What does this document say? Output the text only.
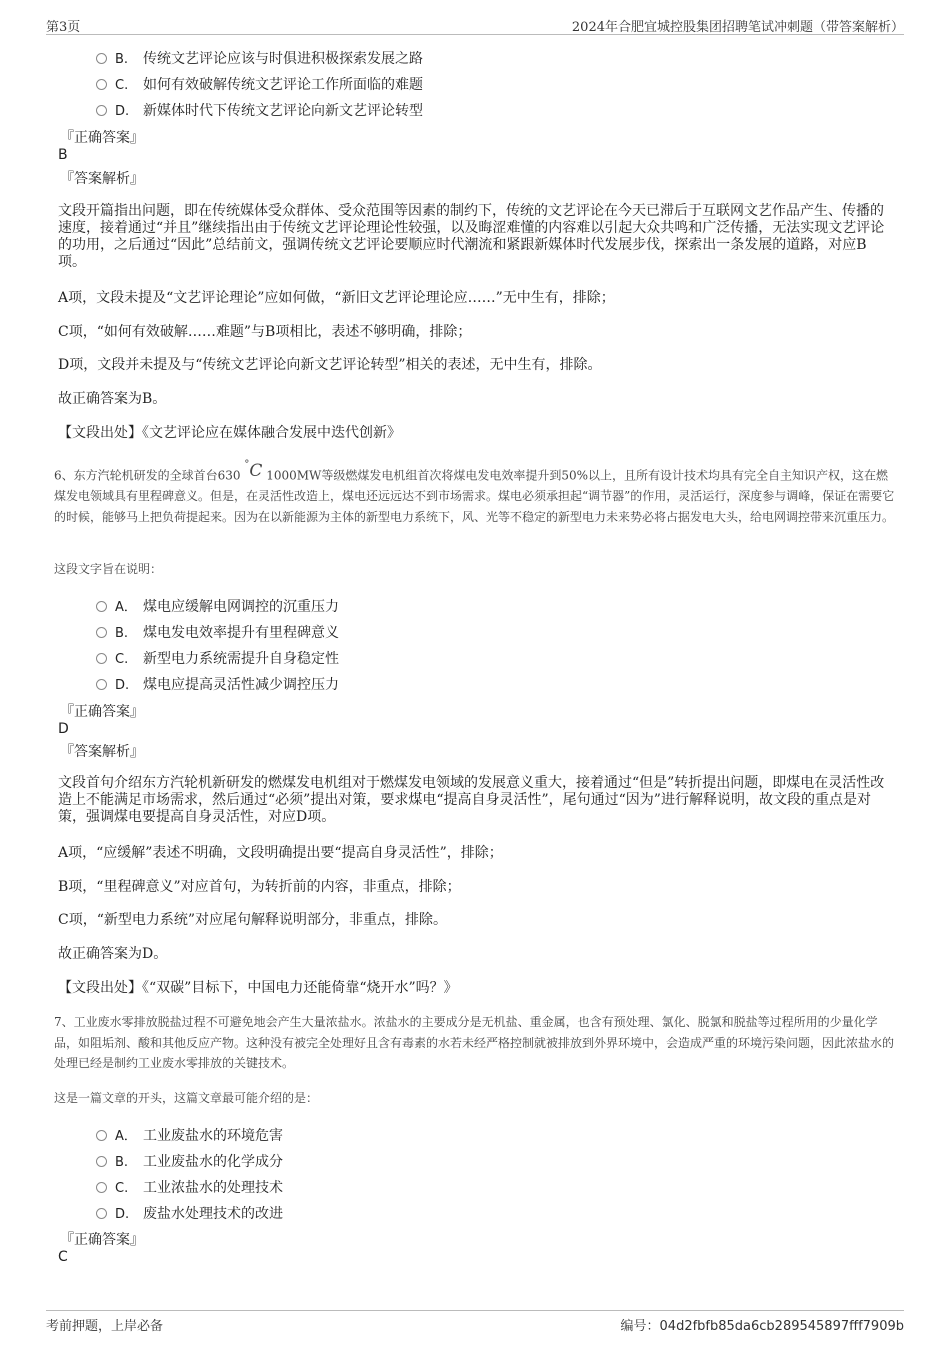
第3页	2024年合肥宜城控股集团招聘笔试冲刺题（带答案解析）
B. 传统文艺评论应该与时俱进积极探索发展之路
C. 如何有效破解传统文艺评论工作所面临的难题
D. 新媒体时代下传统文艺评论向新文艺评论转型
『正确答案』
B
『答案解析』
文段开篇指出问题，即在传统媒体受众群体、受众范围等因素的制约下，传统的文艺评论在今天已滞后于互联网文艺作品产生、传播的速度，接着通过“并且”继续指出由于传统文艺评论理论性较强，以及晦涩难懂的内容难以引起大众共鸣和广泛传播，无法实现文艺评论的功用，之后通过“因此”总结前文，强调传统文艺评论要顺应时代潮流和紧跟新媒体时代发展步伐，探索出一条发展的道路，对应B项。
A项，文段未提及“文艺评论理论”应如何做，“新旧文艺评论理论应……”无中生有，排除；
C项，“如何有效破解……难题”与B项相比，表述不够明确，排除；
D项，文段并未提及与“传统文艺评论向新文艺评论转型”相关的表述，无中生有，排除。
故正确答案为B。
【文段出处】《文艺评论应在媒体融合发展中迭代创新》
6、东方汽轮机研发的全球首台630 °C 1000MW等级燃煤发电机组首次将煤电发电效率提升到50%以上，且所有设计技术均具有完全自主知识产权，这在燃煤发电领域具有里程碑意义。但是，在灵活性改造上，煤电还远远达不到市场需求。煤电必须承担起“调节器”的作用，灵活运行，深度参与调峰，保证在需要它的时候，能够马上把负荷提起来。因为在以新能源为主体的新型电力系统下，风、光等不稳定的新型电力未来势必将占据发电大头，给电网调控带来沉重压力。
这段文字旨在说明：
A． 煤电应缓解电网调控的沉重压力
B. 煤电发电效率提升有里程碑意义
C. 新型电力系统需提升自身稳定性
D. 煤电应提高灵活性减少调控压力
『正确答案』
D
『答案解析』
文段首句介绍东方汽轮机新研发的燃煤发电机组对于燃煤发电领域的发展意义重大，接着通过“但是”转折提出问题，即煤电在灵活性改造上不能满足市场需求，然后通过“必须”提出对策，要求煤电“提高自身灵活性”，尾句通过“因为”进行解释说明，故文段的重点是对策，强调煤电要提高自身灵活性，对应D项。
A项，“应缓解”表述不明确，文段明确提出要“提高自身灵活性”，排除；
B项，“里程碑意义”对应首句，为转折前的内容，非重点，排除；
C项，“新型电力系统”对应尾句解释说明部分，非重点，排除。
故正确答案为D。
【文段出处】《“双碳”目标下，中国电力还能倚靠“烧开水”吗？》
7、工业废水零排放脱盐过程不可避免地会产生大量浓盐水。浓盐水的主要成分是无机盐、重金属，也含有预处理、氯化、脱氯和脱盐等过程所用的少量化学品，如阻垢剂、酸和其他反应产物。这种没有被完全处理好且含有毒素的水若未经严格控制就被排放到外界环境中，会造成严重的环境污染问题，因此浓盐水的处理已经是制约工业废水零排放的关键技术。
这是一篇文章的开头，这篇文章最可能介绍的是：
A． 工业废盐水的环境危害
B. 工业废盐水的化学成分
C. 工业浓盐水的处理技术
D. 废盐水处理技术的改进
『正确答案』
C
考前押题，上岸必备	编号：04d2fbfb85da6cb289545897fff7909b
